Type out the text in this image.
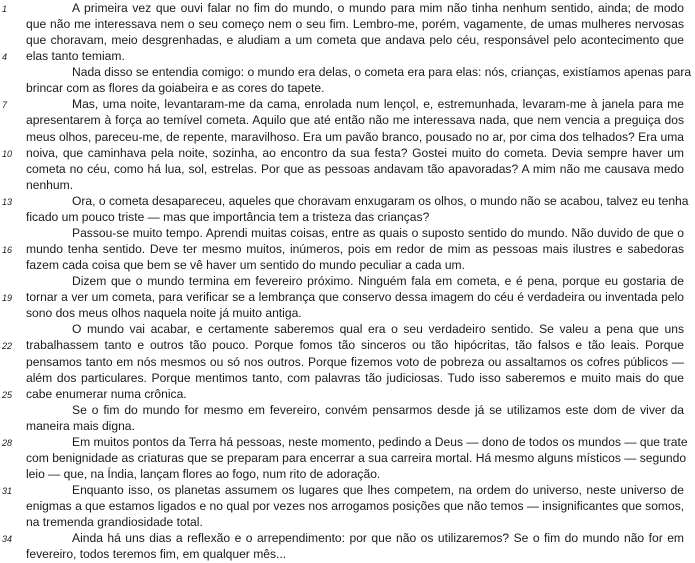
1	A primeira vez que ouvi falar no fim do mundo, o mundo para mim não tinha nenhum sentido, ainda; de modo
que não me interessava nem o seu começo nem o seu fim. Lembro-me, porém, vagamente, de umas mulheres nervosas
que choravam, meio desgrenhadas, e aludiam a um cometa que andava pelo céu, responsável pelo acontecimento que
4	elas tanto temiam.
Nada disso se entendia comigo: o mundo era delas, o cometa era para elas: nós, crianças, existíamos apenas para
brincar com as flores da goiabeira e as cores do tapete.
7	Mas, uma noite, levantaram-me da cama, enrolada num lençol, e, estremunhada, levaram-me à janela para me
apresentarem à força ao temível cometa. Aquilo que até então não me interessava nada, que nem vencia a preguiça dos
meus olhos, pareceu-me, de repente, maravilhoso. Era um pavão branco, pousado no ar, por cima dos telhados? Era uma
10	noiva, que caminhava pela noite, sozinha, ao encontro da sua festa? Gostei muito do cometa. Devia sempre haver um
cometa no céu, como há lua, sol, estrelas. Por que as pessoas andavam tão apavoradas? A mim não me causava medo
nenhum.
13	Ora, o cometa desapareceu, aqueles que choravam enxugaram os olhos, o mundo não se acabou, talvez eu tenha
ficado um pouco triste — mas que importância tem a tristeza das crianças?
Passou-se muito tempo. Aprendi muitas coisas, entre as quais o suposto sentido do mundo. Não duvido de que o
16	mundo tenha sentido. Deve ter mesmo muitos, inúmeros, pois em redor de mim as pessoas mais ilustres e sabedoras
fazem cada coisa que bem se vê haver um sentido do mundo peculiar a cada um.
Dizem que o mundo termina em fevereiro próximo. Ninguém fala em cometa, e é pena, porque eu gostaria de
19	tornar a ver um cometa, para verificar se a lembrança que conservo dessa imagem do céu é verdadeira ou inventada pelo
sono dos meus olhos naquela noite já muito antiga.
O mundo vai acabar, e certamente saberemos qual era o seu verdadeiro sentido. Se valeu a pena que uns
22	trabalhassem tanto e outros tão pouco. Porque fomos tão sinceros ou tão hipócritas, tão falsos e tão leais. Porque
pensamos tanto em nós mesmos ou só nos outros. Porque fizemos voto de pobreza ou assaltamos os cofres públicos —
além dos particulares. Porque mentimos tanto, com palavras tão judiciosas. Tudo isso saberemos e muito mais do que
25	cabe enumerar numa crônica.
Se o fim do mundo for mesmo em fevereiro, convém pensarmos desde já se utilizamos este dom de viver da
maneira mais digna.
28	Em muitos pontos da Terra há pessoas, neste momento, pedindo a Deus — dono de todos os mundos — que trate
com benignidade as criaturas que se preparam para encerrar a sua carreira mortal. Há mesmo alguns místicos — segundo
leio — que, na Índia, lançam flores ao fogo, num rito de adoração.
31	Enquanto isso, os planetas assumem os lugares que lhes competem, na ordem do universo, neste universo de
enigmas a que estamos ligados e no qual por vezes nos arrogamos posições que não temos — insignificantes que somos,
na tremenda grandiosidade total.
34	Ainda há uns dias a reflexão e o arrependimento: por que não os utilizaremos? Se o fim do mundo não for em
fevereiro, todos teremos fim, em qualquer mês...
